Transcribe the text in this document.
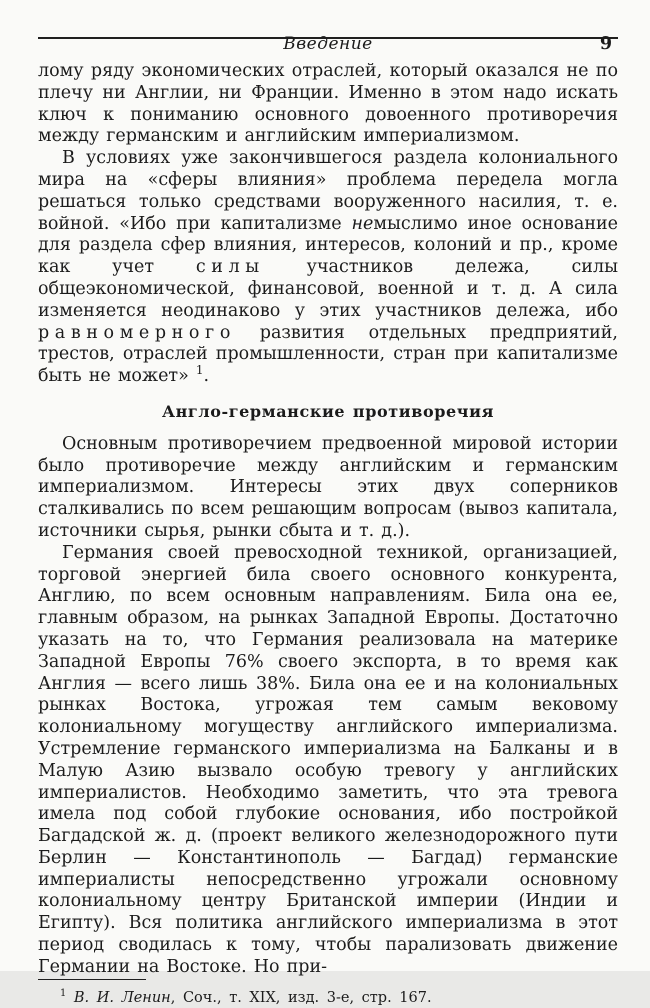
Введение	9

лому ряду экономических отраслей, который оказался не по плечу ни Англии, ни Франции. Именно в этом надо искать ключ к пониманию основного довоенного противоречия между германским и английским империализмом.

В условиях уже закончившегося раздела колониального мира на «сферы влияния» проблема передела могла решаться только средствами вооруженного насилия, т. е. войной. «Ибо при капитализме немыслимо иное основание для раздела сфер влияния, интересов, колоний и пр., кроме как учет силы участников дележа, силы общеэкономической, финансовой, военной и т. д. А сила изменяется неодинаково у этих участников дележа, ибо равномерного развития отдельных предприятий, трестов, отраслей промышленности, стран при капитализме быть не может» $^1$.

Англо-германские противоречия

Основным противоречием предвоенной мировой истории было противоречие между английским и германским империализмом. Интересы этих двух соперников сталкивались по всем решающим вопросам (вывоз капитала, источники сырья, рынки сбыта и т. д.).

Германия своей превосходной техникой, организацией, торговой энергией била своего основного конкурента, Англию, по всем основным направлениям. Била она ее, главным образом, на рынках Западной Европы. Достаточно указать на то, что Германия реализовала на материке Западной Европы 76% своего экспорта, в то время как Англия — всего лишь 38%. Била она ее и на колониальных рынках Востока, угрожая тем самым вековому колониальному могуществу английского империализма. Устремление германского империализма на Балканы и в Малую Азию вызвало особую тревогу у английских империалистов. Необходимо заметить, что эта тревога имела под собой глубокие основания, ибо постройкой Багдадской ж. д. (проект великого железнодорожного пути Берлин — Константинополь — Багдад) германские империалисты непосредственно угрожали основному колониальному центру Британской империи (Индии и Египту). Вся политика английского империализма в этот период сводилась к тому, чтобы парализовать движение Германии на Востоке. Но при-

$^1$ В. И. Ленин, Соч., т. XIX, изд. 3-е, стр. 167.
